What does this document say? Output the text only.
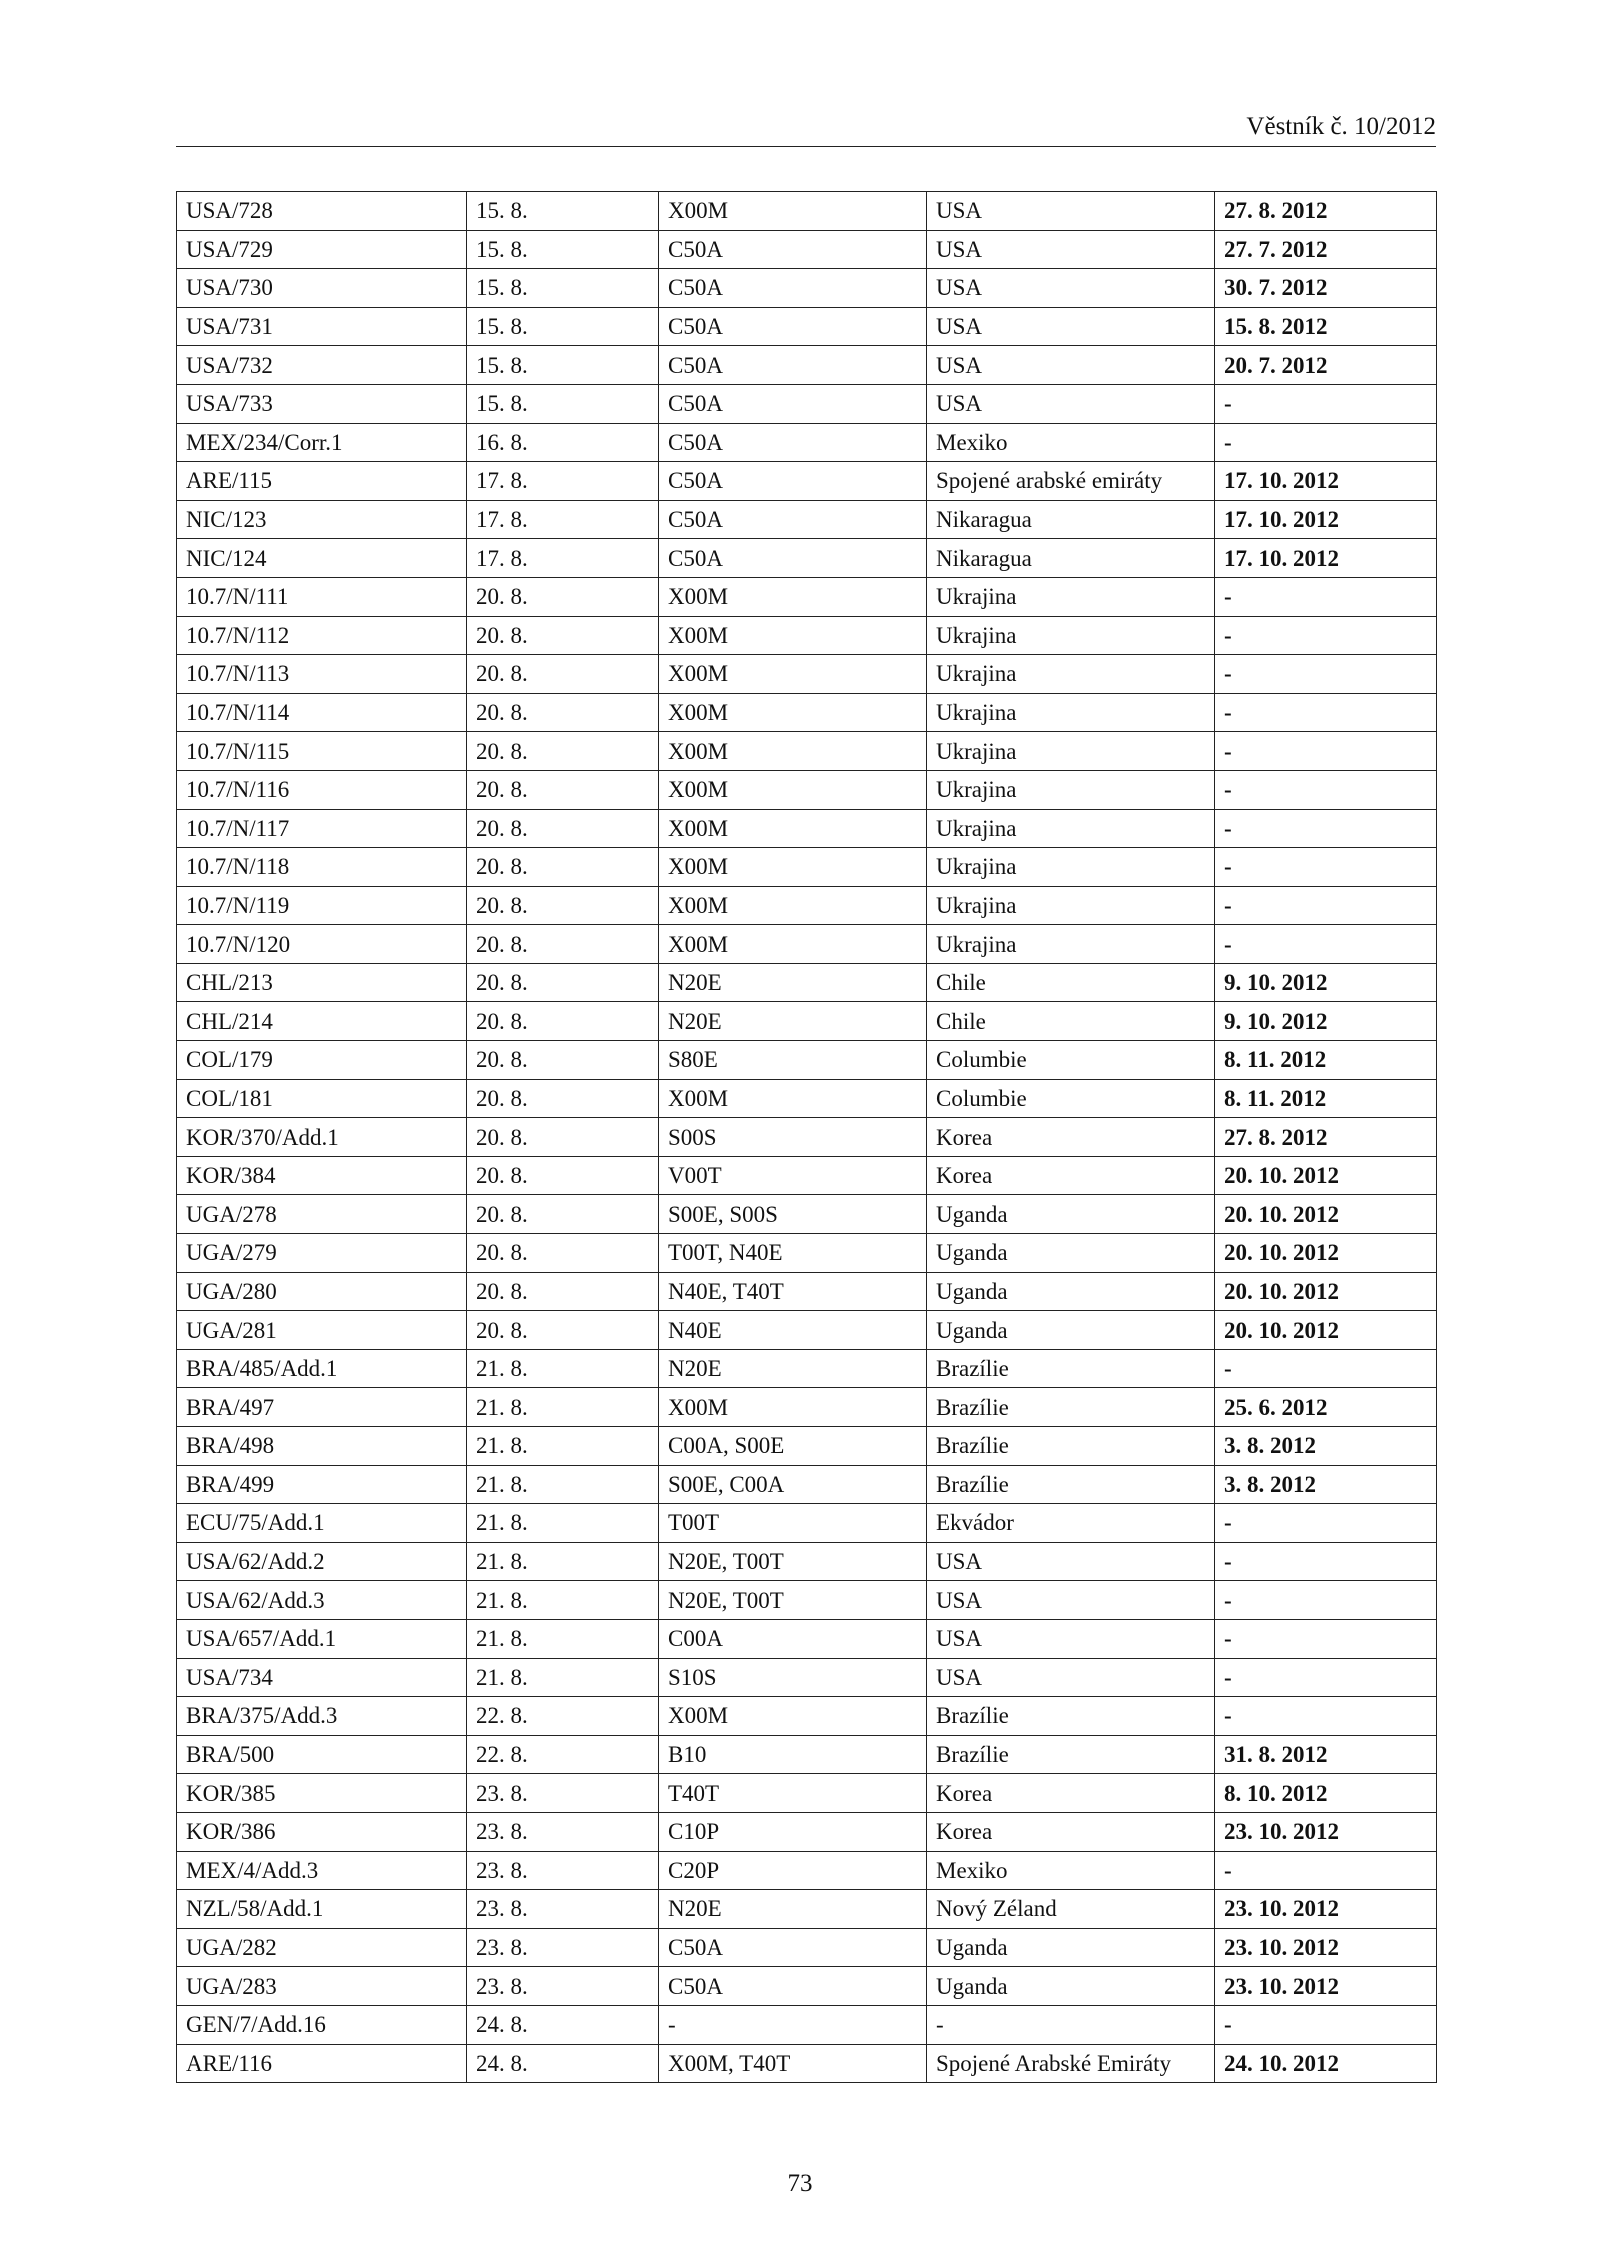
Věstník č. 10/2012
USA/728	15. 8.	X00M	USA	27. 8. 2012
USA/729	15. 8.	C50A	USA	27. 7. 2012
USA/730	15. 8.	C50A	USA	30. 7. 2012
USA/731	15. 8.	C50A	USA	15. 8. 2012
USA/732	15. 8.	C50A	USA	20. 7. 2012
USA/733	15. 8.	C50A	USA	-
MEX/234/Corr.1	16. 8.	C50A	Mexiko	-
ARE/115	17. 8.	C50A	Spojené arabské emiráty	17. 10. 2012
NIC/123	17. 8.	C50A	Nikaragua	17. 10. 2012
NIC/124	17. 8.	C50A	Nikaragua	17. 10. 2012
10.7/N/111	20. 8.	X00M	Ukrajina	-
10.7/N/112	20. 8.	X00M	Ukrajina	-
10.7/N/113	20. 8.	X00M	Ukrajina	-
10.7/N/114	20. 8.	X00M	Ukrajina	-
10.7/N/115	20. 8.	X00M	Ukrajina	-
10.7/N/116	20. 8.	X00M	Ukrajina	-
10.7/N/117	20. 8.	X00M	Ukrajina	-
10.7/N/118	20. 8.	X00M	Ukrajina	-
10.7/N/119	20. 8.	X00M	Ukrajina	-
10.7/N/120	20. 8.	X00M	Ukrajina	-
CHL/213	20. 8.	N20E	Chile	9. 10. 2012
CHL/214	20. 8.	N20E	Chile	9. 10. 2012
COL/179	20. 8.	S80E	Columbie	8. 11. 2012
COL/181	20. 8.	X00M	Columbie	8. 11. 2012
KOR/370/Add.1	20. 8.	S00S	Korea	27. 8. 2012
KOR/384	20. 8.	V00T	Korea	20. 10. 2012
UGA/278	20. 8.	S00E, S00S	Uganda	20. 10. 2012
UGA/279	20. 8.	T00T, N40E	Uganda	20. 10. 2012
UGA/280	20. 8.	N40E, T40T	Uganda	20. 10. 2012
UGA/281	20. 8.	N40E	Uganda	20. 10. 2012
BRA/485/Add.1	21. 8.	N20E	Brazílie	-
BRA/497	21. 8.	X00M	Brazílie	25. 6. 2012
BRA/498	21. 8.	C00A, S00E	Brazílie	3. 8. 2012
BRA/499	21. 8.	S00E, C00A	Brazílie	3. 8. 2012
ECU/75/Add.1	21. 8.	T00T	Ekvádor	-
USA/62/Add.2	21. 8.	N20E, T00T	USA	-
USA/62/Add.3	21. 8.	N20E, T00T	USA	-
USA/657/Add.1	21. 8.	C00A	USA	-
USA/734	21. 8.	S10S	USA	-
BRA/375/Add.3	22. 8.	X00M	Brazílie	-
BRA/500	22. 8.	B10	Brazílie	31. 8. 2012
KOR/385	23. 8.	T40T	Korea	8. 10. 2012
KOR/386	23. 8.	C10P	Korea	23. 10. 2012
MEX/4/Add.3	23. 8.	C20P	Mexiko	-
NZL/58/Add.1	23. 8.	N20E	Nový Zéland	23. 10. 2012
UGA/282	23. 8.	C50A	Uganda	23. 10. 2012
UGA/283	23. 8.	C50A	Uganda	23. 10. 2012
GEN/7/Add.16	24. 8.	-	-	-
ARE/116	24. 8.	X00M, T40T	Spojené Arabské Emiráty	24. 10. 2012
73
